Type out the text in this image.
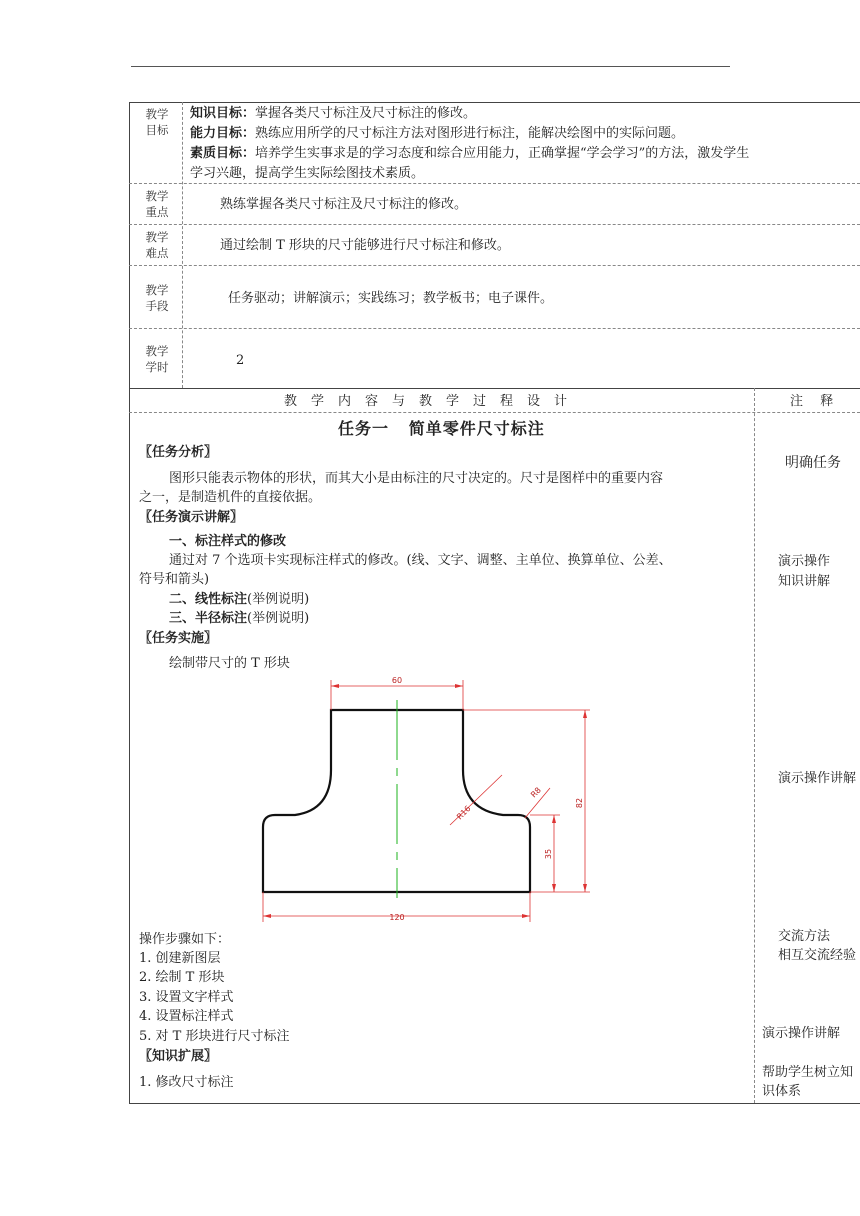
教学
目标
教学
重点
教学
难点
教学
手段
教学
学时
知识目标：掌握各类尺寸标注及尺寸标注的修改。
能力目标：熟练应用所学的尺寸标注方法对图形进行标注，能解决绘图中的实际问题。
素质目标：培养学生实事求是的学习态度和综合应用能力，正确掌握“学会学习”的方法，激发学生
学习兴趣，提高学生实际绘图技术素质。
熟练掌握各类尺寸标注及尺寸标注的修改。
通过绘制 T 形块的尺寸能够进行尺寸标注和修改。
任务驱动；讲解演示；实践练习；教学板书；电子课件。
2
教学内容与教学过程设计	注  释
任务一   简单零件尺寸标注
〖任务分析〗
图形只能表示物体的形状，而其大小是由标注的尺寸决定的。尺寸是图样中的重要内容
之一，是制造机件的直接依据。
〖任务演示讲解〗
一、标注样式的修改
通过对 7 个选项卡实现标注样式的修改。(线、文字、调整、主单位、换算单位、公差、
符号和箭头)
二、线性标注(举例说明)
三、半径标注(举例说明)
〖任务实施〗
绘制带尺寸的 T 形块
60
120
82
35
R16
R8
操作步骤如下：
1. 创建新图层
2. 绘制 T 形块
3. 设置文字样式
4. 设置标注样式
5. 对 T 形块进行尺寸标注
〖知识扩展〗
1. 修改尺寸标注
明确任务
演示操作
知识讲解
演示操作讲解
交流方法
相互交流经验
演示操作讲解
帮助学生树立知
识体系
